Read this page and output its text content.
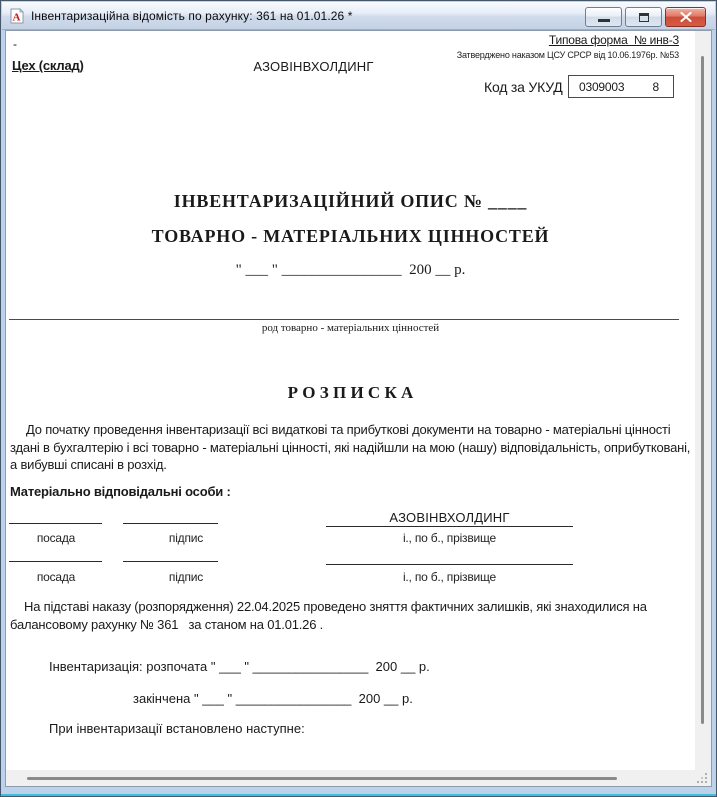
A Інвентаризаційна відомість по рахунку: 361 на 01.01.26 *
-
Цех (склад)	АЗОВІНВХОЛДИНГ
Типова форма  № инв-3
Затверджено наказом ЦСУ СРСР від 10.06.1976р. №53
Код за УКУД 0309003 8
ІНВЕНТАРИЗАЦІЙНИЙ ОПИС № ____
ТОВАРНО - МАТЕРІАЛЬНИХ ЦІННОСТЕЙ
" ___ " ________________  200 __ р.
род товарно - матеріальних цінностей
Р О З П И С К А
До початку проведення інвентаризації всі видаткові та прибуткові документи на товарно - матеріальні цінності здані в бухгалтерію і всі товарно - матеріальні цінності, які надійшли на мою (нашу) відповідальність, оприбутковані, а вибувші списані в розхід.
Матеріально відповідальні особи :
АЗОВІНВХОЛДИНГ
посада	підпис	і., по б., прізвище
посада	підпис	і., по б., прізвище
На підставі наказу (розпорядження) 22.04.2025 проведено зняття фактичних залишків, які знаходилися на балансовому рахунку № 361   за станом на 01.01.26 .
Інвентаризація: розпочата " ___ " ________________  200 __ р.
закінчена " ___ " ________________  200 __ р.
При інвентаризації встановлено наступне:
